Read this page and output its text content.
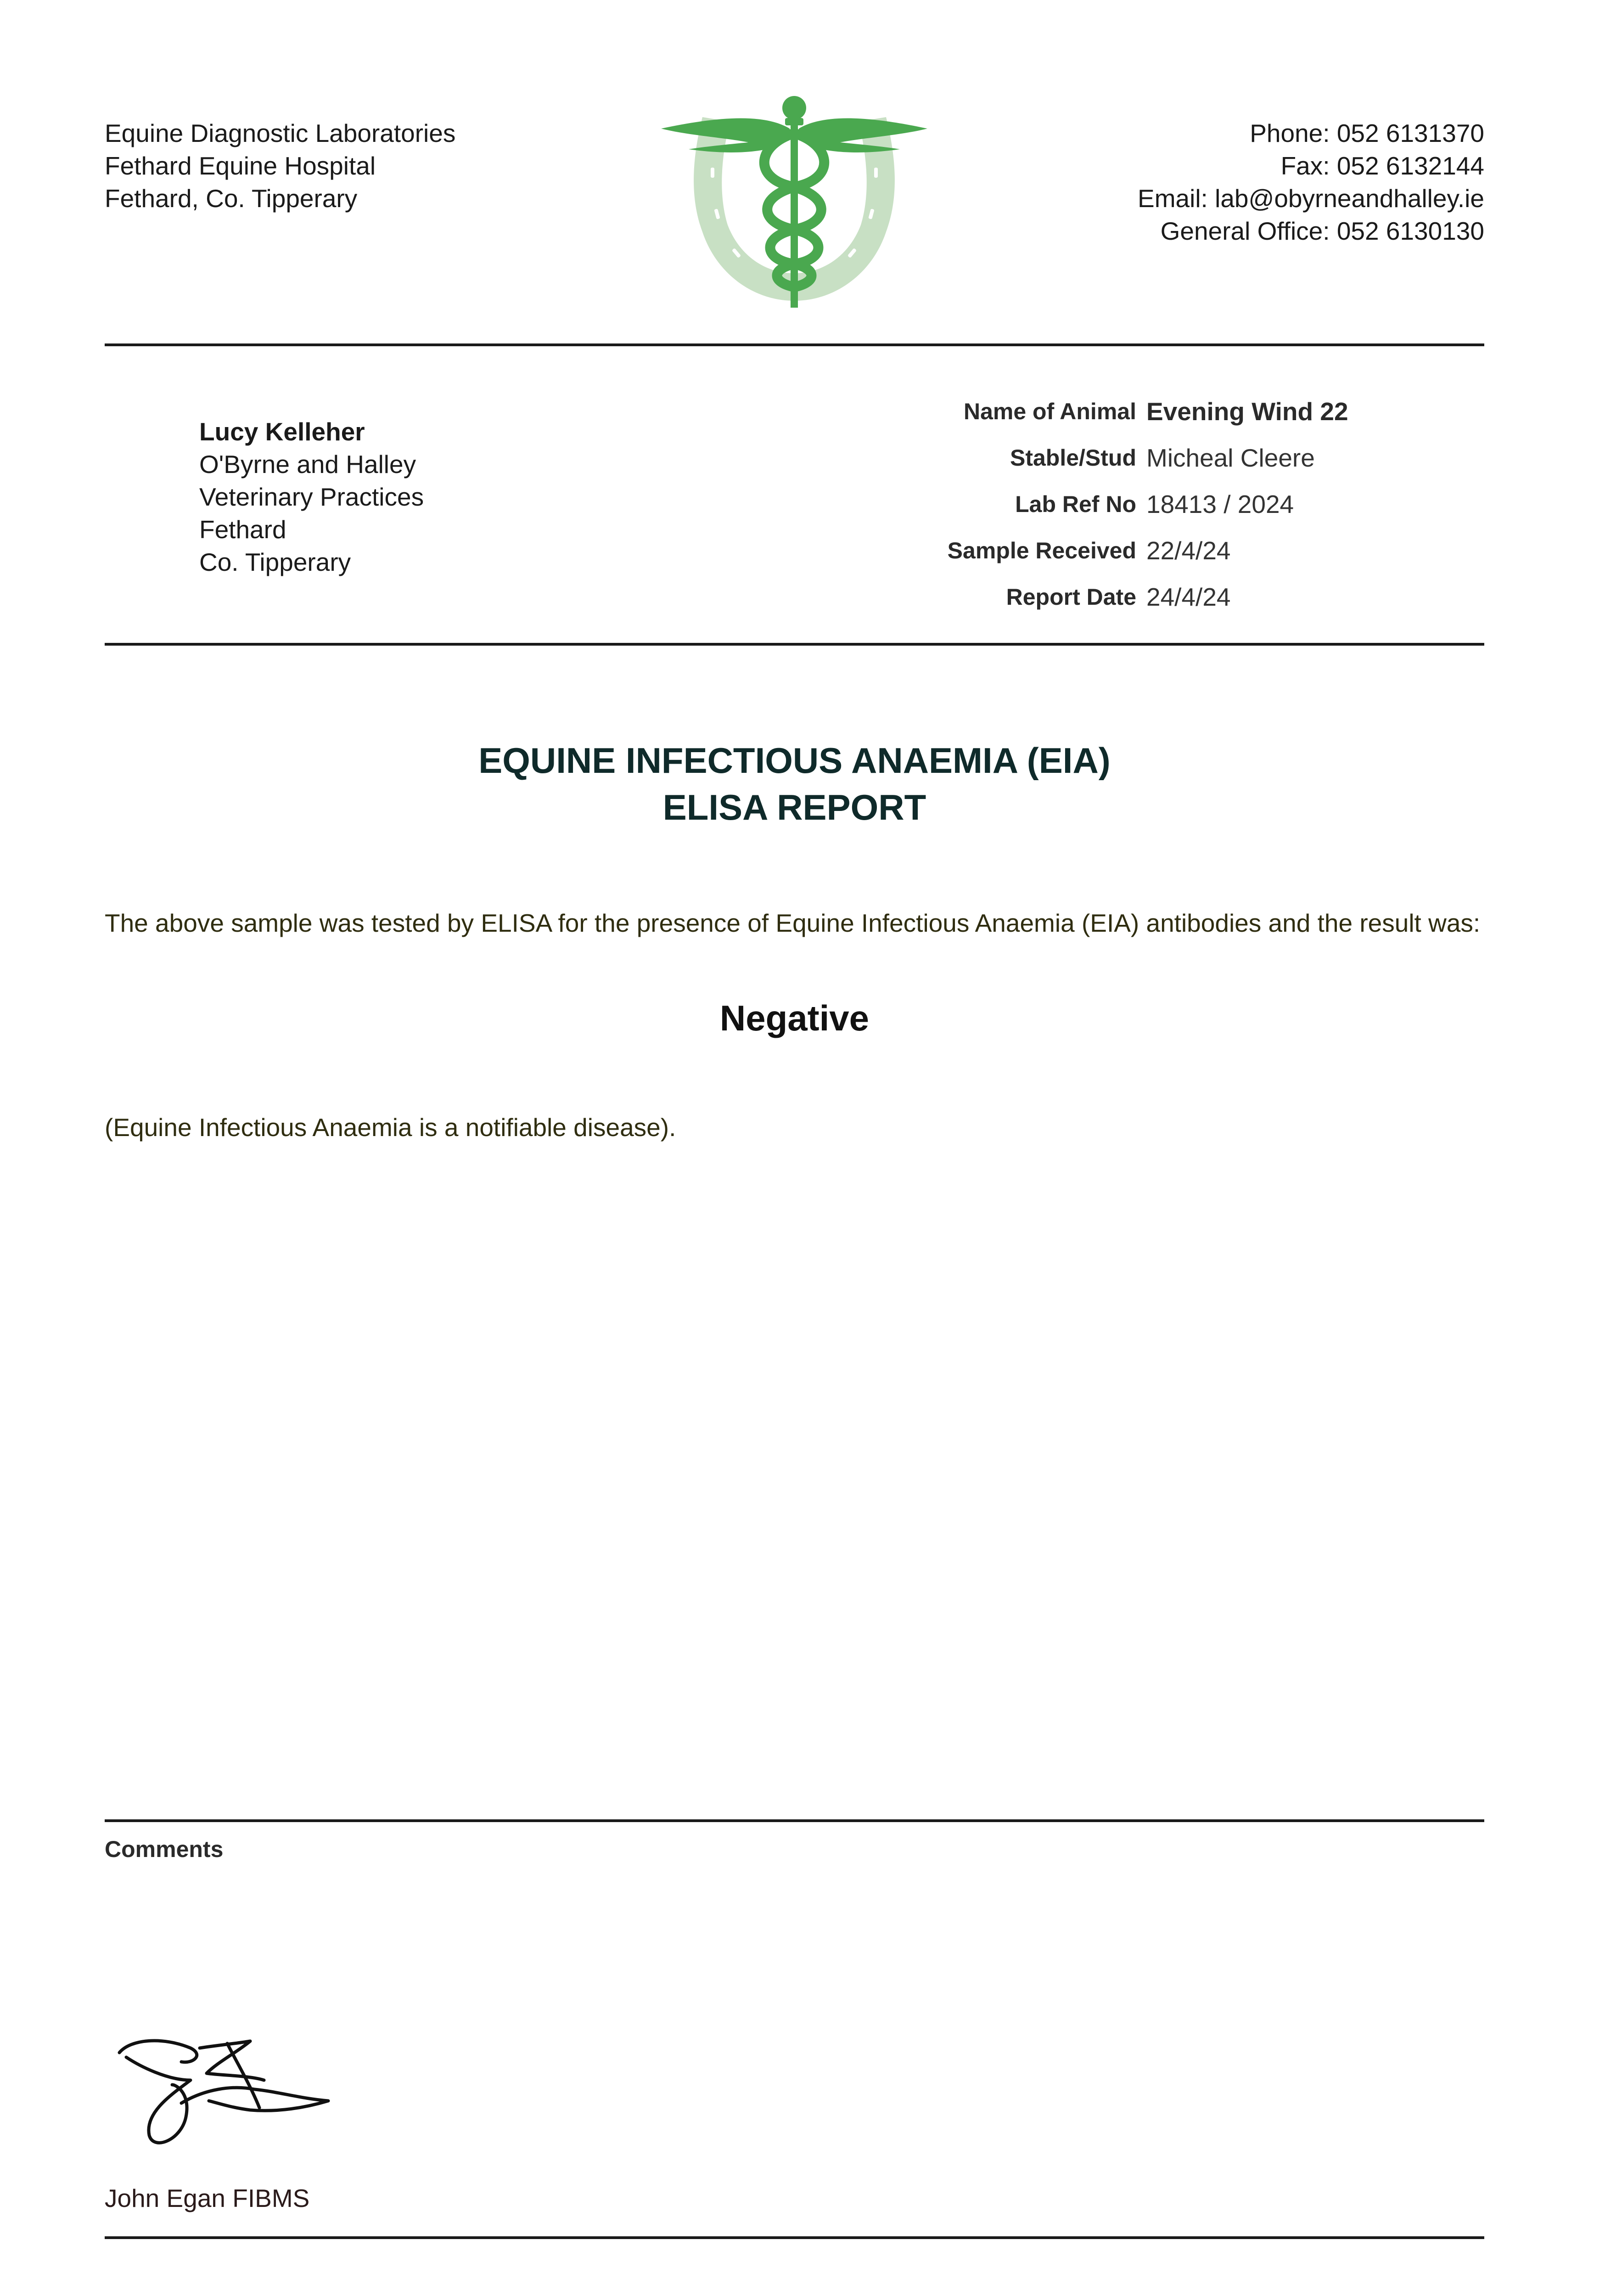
Equine Diagnostic Laboratories
Fethard Equine Hospital
Fethard, Co. Tipperary
Phone: 052 6131370
Fax: 052 6132144
Email: lab@obyrneandhalley.ie
General Office: 052 6130130
Lucy Kelleher
O'Byrne and Halley
Veterinary Practices
Fethard
Co. Tipperary
Name of Animal Evening Wind 22
Stable/Stud Micheal Cleere
Lab Ref No 18413 / 2024
Sample Received 22/4/24
Report Date 24/4/24
EQUINE INFECTIOUS ANAEMIA (EIA)
ELISA REPORT
The above sample was tested by ELISA for the presence of Equine Infectious Anaemia (EIA) antibodies and the result was:
Negative
(Equine Infectious Anaemia is a notifiable disease).
Comments
John Egan FIBMS
